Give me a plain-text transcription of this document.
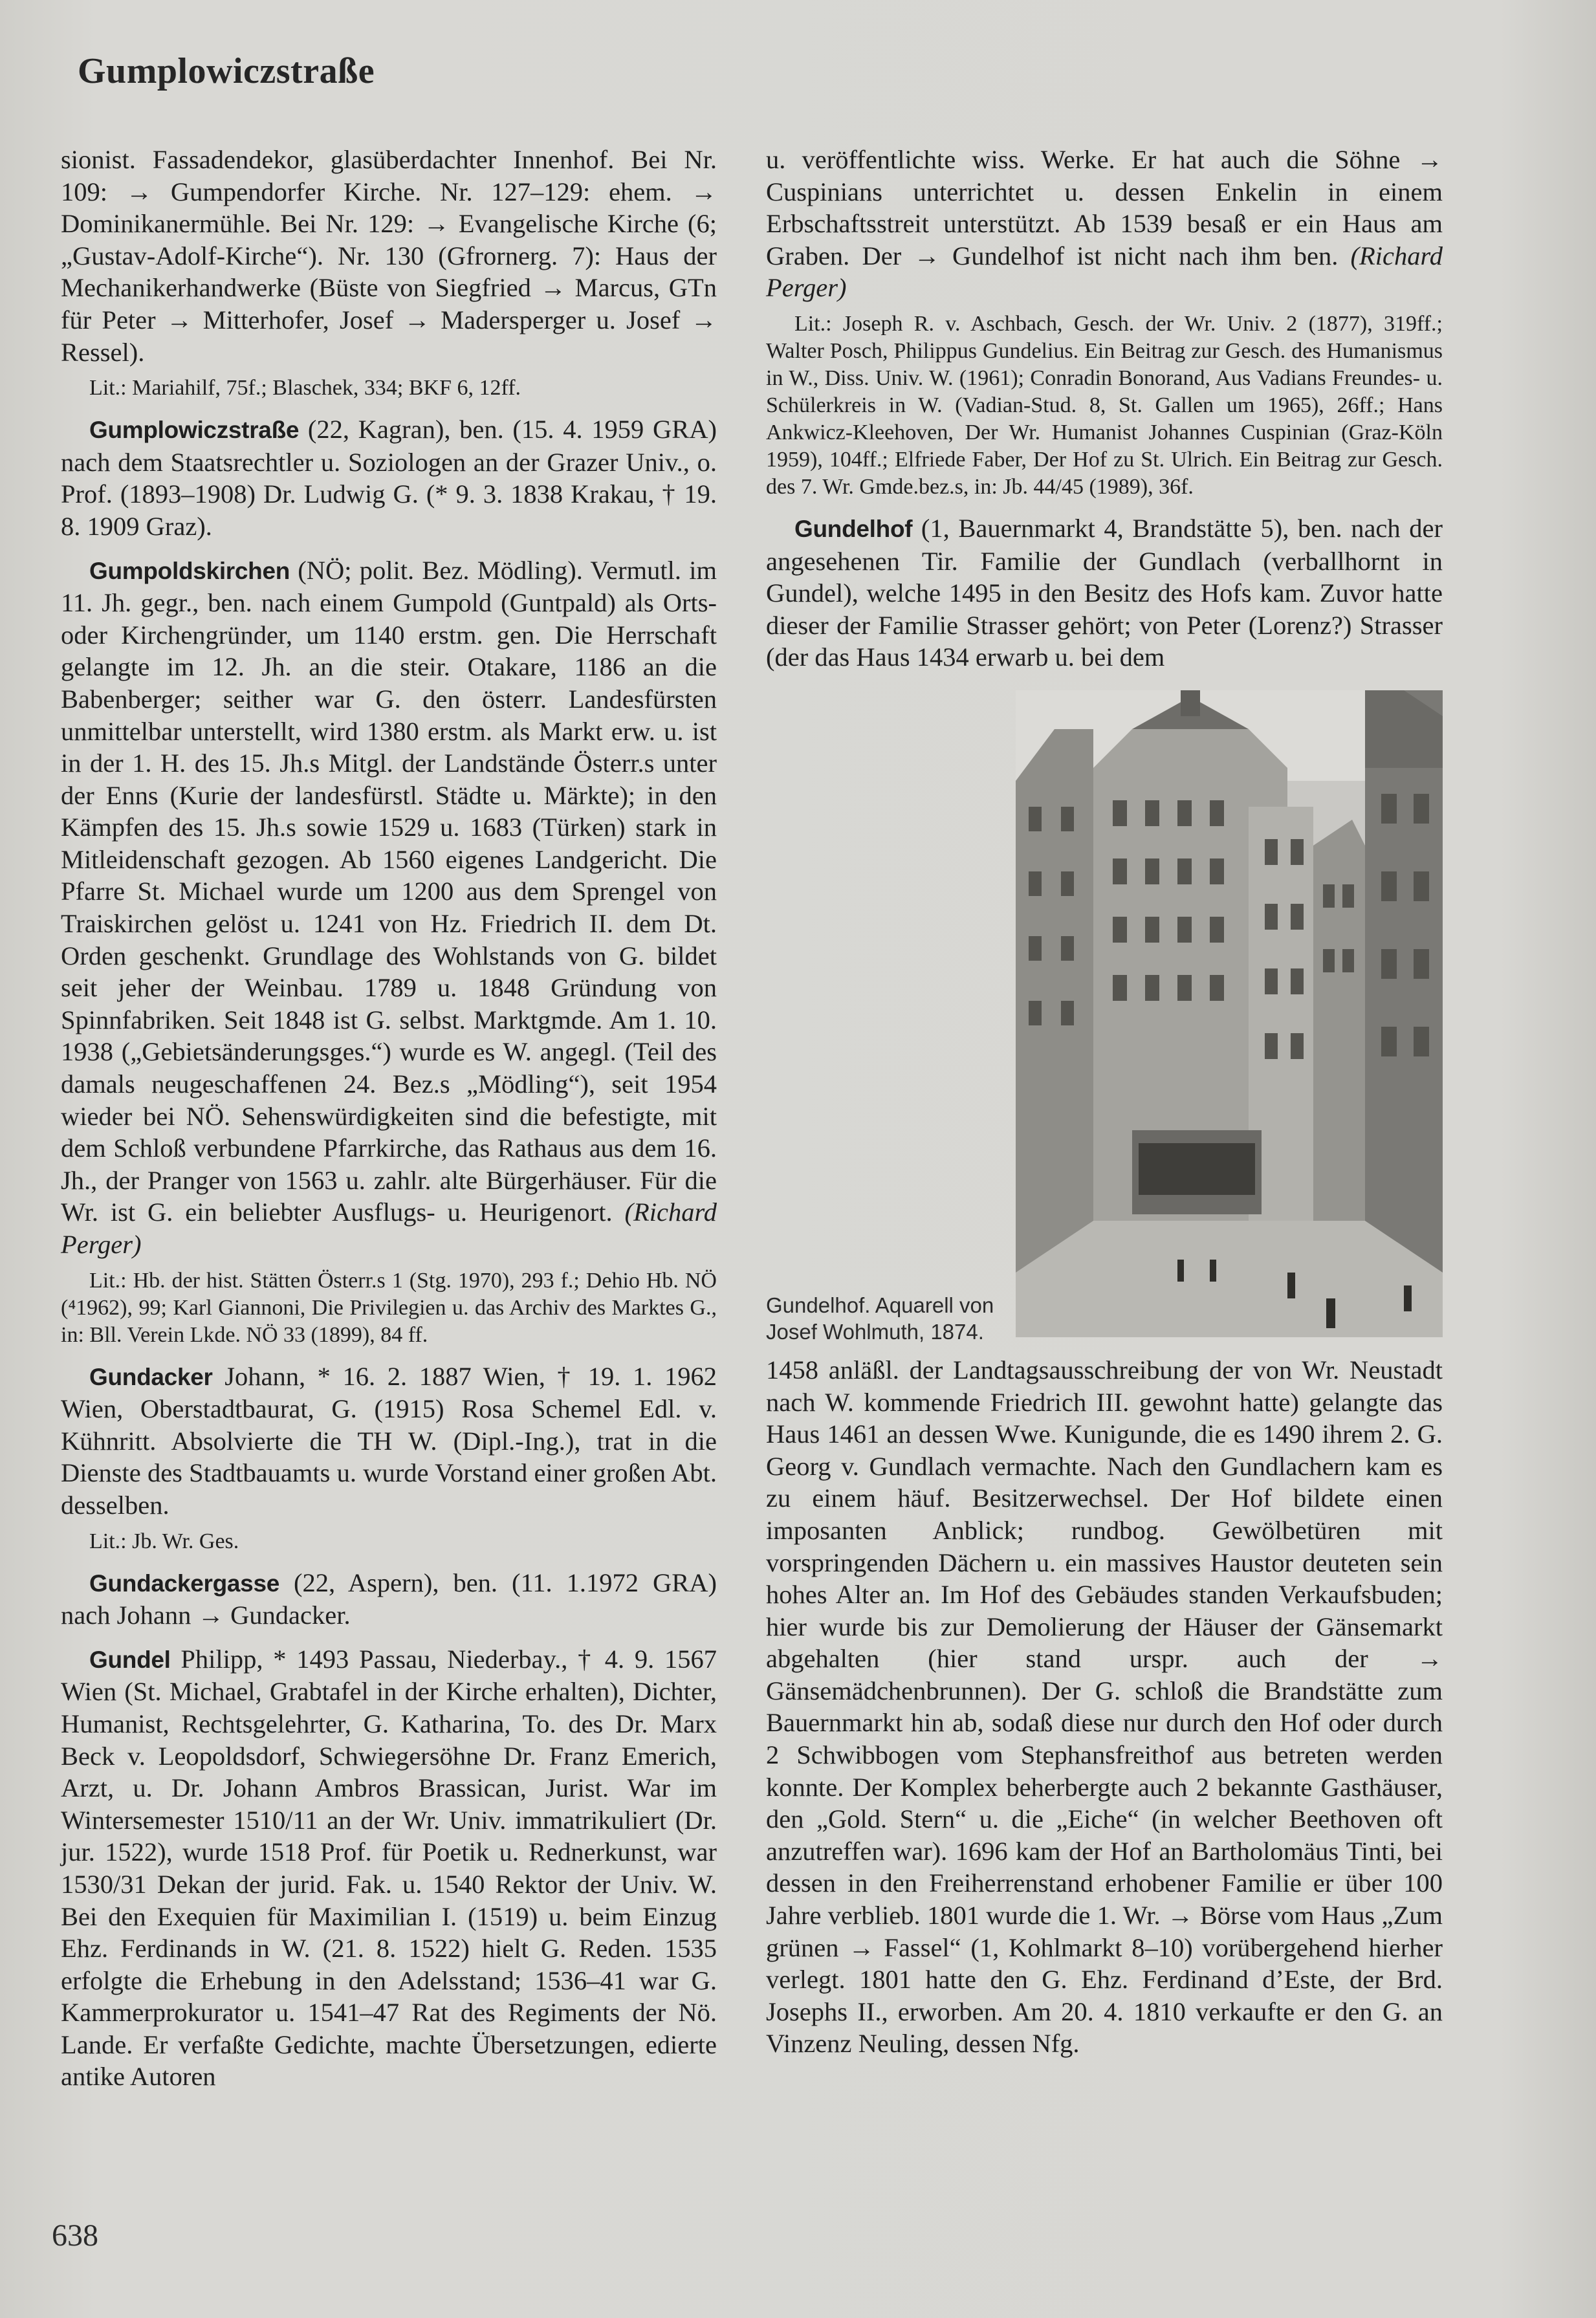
Gumplowiczstraße

sionist. Fassadendekor, glasüberdachter Innenhof. Bei Nr. 109: → Gumpendorfer Kirche. Nr. 127–129: ehem. → Dominikanermühle. Bei Nr. 129: → Evangelische Kirche (6; „Gustav-Adolf-Kirche“). Nr. 130 (Gfrornerg. 7): Haus der Mechanikerhandwerke (Büste von Siegfried → Marcus, GTn für Peter → Mitterhofer, Josef → Madersperger u. Josef → Ressel).

Lit.: Mariahilf, 75f.; Blaschek, 334; BKF 6, 12ff.

Gumplowiczstraße (22, Kagran), ben. (15. 4. 1959 GRA) nach dem Staatsrechtler u. Soziologen an der Grazer Univ., o. Prof. (1893–1908) Dr. Ludwig G. (* 9. 3. 1838 Krakau, † 19. 8. 1909 Graz).

Gumpoldskirchen (NÖ; polit. Bez. Mödling). Vermutl. im 11. Jh. gegr., ben. nach einem Gumpold (Guntpald) als Orts- oder Kirchengründer, um 1140 erstm. gen. Die Herrschaft gelangte im 12. Jh. an die steir. Otakare, 1186 an die Babenberger; seither war G. den österr. Landesfürsten unmittelbar unterstellt, wird 1380 erstm. als Markt erw. u. ist in der 1. H. des 15. Jh.s Mitgl. der Landstände Österr.s unter der Enns (Kurie der landesfürstl. Städte u. Märkte); in den Kämpfen des 15. Jh.s sowie 1529 u. 1683 (Türken) stark in Mitleidenschaft gezogen. Ab 1560 eigenes Landgericht. Die Pfarre St. Michael wurde um 1200 aus dem Sprengel von Traiskirchen gelöst u. 1241 von Hz. Friedrich II. dem Dt. Orden geschenkt. Grundlage des Wohlstands von G. bildet seit jeher der Weinbau. 1789 u. 1848 Gründung von Spinnfabriken. Seit 1848 ist G. selbst. Marktgmde. Am 1. 10. 1938 („Gebietsänderungsges.“) wurde es W. angegl. (Teil des damals neugeschaffenen 24. Bez.s „Mödling“), seit 1954 wieder bei NÖ. Sehenswürdigkeiten sind die befestigte, mit dem Schloß verbundene Pfarrkirche, das Rathaus aus dem 16. Jh., der Pranger von 1563 u. zahlr. alte Bürgerhäuser. Für die Wr. ist G. ein beliebter Ausflugs- u. Heurigenort. (Richard Perger)

Lit.: Hb. der hist. Stätten Österr.s 1 (Stg. 1970), 293 f.; Dehio Hb. NÖ (⁴1962), 99; Karl Giannoni, Die Privilegien u. das Archiv des Marktes G., in: Bll. Verein Lkde. NÖ 33 (1899), 84 ff.

Gundacker Johann, * 16. 2. 1887 Wien, † 19. 1. 1962 Wien, Oberstadtbaurat, G. (1915) Rosa Schemel Edl. v. Kühnritt. Absolvierte die TH W. (Dipl.-Ing.), trat in die Dienste des Stadtbauamts u. wurde Vorstand einer großen Abt. desselben.

Lit.: Jb. Wr. Ges.

Gundackergasse (22, Aspern), ben. (11. 1.1972 GRA) nach Johann → Gundacker.

Gundel Philipp, * 1493 Passau, Niederbay., † 4. 9. 1567 Wien (St. Michael, Grabtafel in der Kirche erhalten), Dichter, Humanist, Rechtsgelehrter, G. Katharina, To. des Dr. Marx Beck v. Leopoldsdorf, Schwiegersöhne Dr. Franz Emerich, Arzt, u. Dr. Johann Ambros Brassican, Jurist. War im Wintersemester 1510/11 an der Wr. Univ. immatrikuliert (Dr. jur. 1522), wurde 1518 Prof. für Poetik u. Rednerkunst, war 1530/31 Dekan der jurid. Fak. u. 1540 Rektor der Univ. W. Bei den Exequien für Maximilian I. (1519) u. beim Einzug Ehz. Ferdinands in W. (21. 8. 1522) hielt G. Reden. 1535 erfolgte die Erhebung in den Adelsstand; 1536–41 war G. Kammerprokurator u. 1541–47 Rat des Regiments der Nö. Lande. Er verfaßte Gedichte, machte Übersetzungen, edierte antike Autoren

u. veröffentlichte wiss. Werke. Er hat auch die Söhne → Cuspinians unterrichtet u. dessen Enkelin in einem Erbschaftsstreit unterstützt. Ab 1539 besaß er ein Haus am Graben. Der → Gundelhof ist nicht nach ihm ben. (Richard Perger)

Lit.: Joseph R. v. Aschbach, Gesch. der Wr. Univ. 2 (1877), 319ff.; Walter Posch, Philippus Gundelius. Ein Beitrag zur Gesch. des Humanismus in W., Diss. Univ. W. (1961); Conradin Bonorand, Aus Vadians Freundes- u. Schülerkreis in W. (Vadian-Stud. 8, St. Gallen um 1965), 26ff.; Hans Ankwicz-Kleehoven, Der Wr. Humanist Johannes Cuspinian (Graz-Köln 1959), 104ff.; Elfriede Faber, Der Hof zu St. Ulrich. Ein Beitrag zur Gesch. des 7. Wr. Gmde.bez.s, in: Jb. 44/45 (1989), 36f.

Gundelhof (1, Bauernmarkt 4, Brandstätte 5), ben. nach der angesehenen Tir. Familie der Gundlach (verballhornt in Gundel), welche 1495 in den Besitz des Hofs kam. Zuvor hatte dieser der Familie Strasser gehört; von Peter (Lorenz?) Strasser (der das Haus 1434 erwarb u. bei dem

Gundelhof. Aquarell von Josef Wohlmuth, 1874.

1458 anläßl. der Landtagsausschreibung der von Wr. Neustadt nach W. kommende Friedrich III. gewohnt hatte) gelangte das Haus 1461 an dessen Wwe. Kunigunde, die es 1490 ihrem 2. G. Georg v. Gundlach vermachte. Nach den Gundlachern kam es zu einem häuf. Besitzerwechsel. Der Hof bildete einen imposanten Anblick; rundbog. Gewölbetüren mit vorspringenden Dächern u. ein massives Haustor deuteten sein hohes Alter an. Im Hof des Gebäudes standen Verkaufsbuden; hier wurde bis zur Demolierung der Häuser der Gänsemarkt abgehalten (hier stand urspr. auch der → Gänsemädchenbrunnen). Der G. schloß die Brandstätte zum Bauernmarkt hin ab, sodaß diese nur durch den Hof oder durch 2 Schwibbogen vom Stephansfreithof aus betreten werden konnte. Der Komplex beherbergte auch 2 bekannte Gasthäuser, den „Gold. Stern“ u. die „Eiche“ (in welcher Beethoven oft anzutreffen war). 1696 kam der Hof an Bartholomäus Tinti, bei dessen in den Freiherrenstand erhobener Familie er über 100 Jahre verblieb. 1801 wurde die 1. Wr. → Börse vom Haus „Zum grünen → Fassel“ (1, Kohlmarkt 8–10) vorübergehend hierher verlegt. 1801 hatte den G. Ehz. Ferdinand d’Este, der Brd. Josephs II., erworben. Am 20. 4. 1810 verkaufte er den G. an Vinzenz Neuling, dessen Nfg.

638
